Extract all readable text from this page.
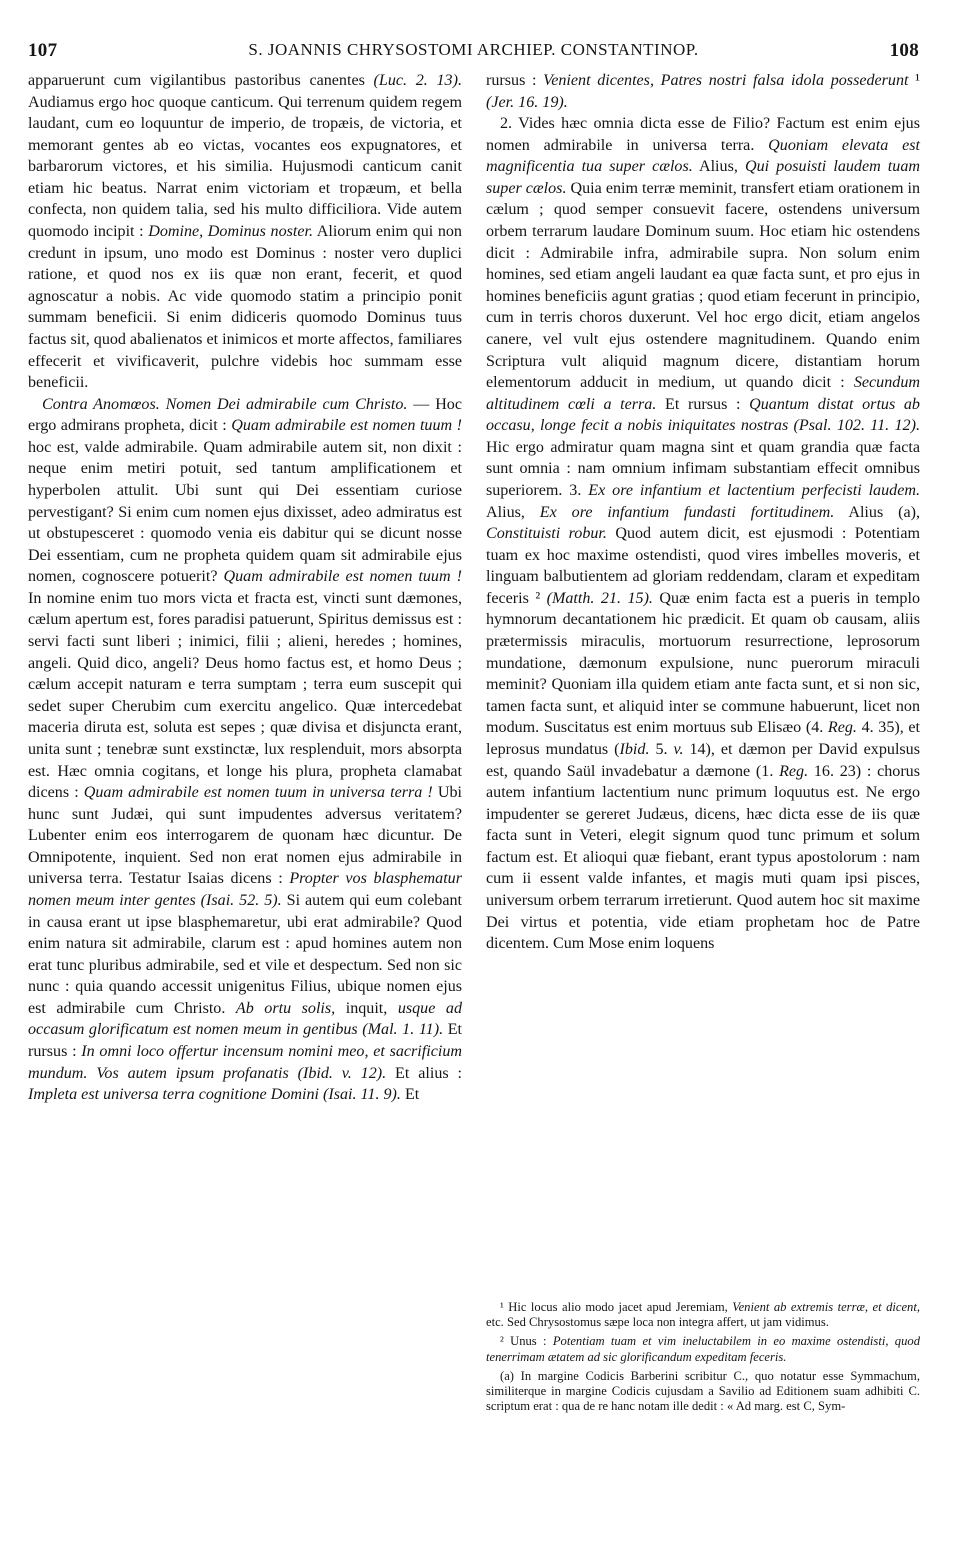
107	S. JOANNIS CHRYSOSTOMI ARCHIEP. CONSTANTINOP.	108

apparuerunt cum vigilantibus pastoribus canentes (Luc. 2. 13). Audiamus ergo hoc quoque canticum. Qui terrenum quidem regem laudant, cum eo loquuntur de imperio, de tropæis, de victoria, et memorant gentes ab eo victas, vocantes eos expugnatores, et barbarorum victores, et his similia. Hujusmodi canticum canit etiam hic beatus. Narrat enim victoriam et tropæum, et bella confecta, non quidem talia, sed his multo difficiliora. Vide autem quomodo incipit : Domine, Dominus noster. Aliorum enim qui non credunt in ipsum, uno modo est Dominus : noster vero duplici ratione, et quod nos ex iis quæ non erant, fecerit, et quod agnoscatur a nobis. Ac vide quomodo statim a principio ponit summam beneficii. Si enim didiceris quomodo Dominus tuus factus sit, quod abalienatos et inimicos et morte affectos, familiares effecerit et vivificaverit, pulchre videbis hoc summam esse beneficii.

Contra Anomœos. Nomen Dei admirabile cum Christo. — Hoc ergo admirans propheta, dicit : Quam admirabile est nomen tuum ! hoc est, valde admirabile. Quam admirabile autem sit, non dixit : neque enim metiri potuit, sed tantum amplificationem et hyperbolen attulit. Ubi sunt qui Dei essentiam curiose pervestigant? Si enim cum nomen ejus dixisset, adeo admiratus est ut obstupesceret : quomodo venia eis dabitur qui se dicunt nosse Dei essentiam, cum ne propheta quidem quam sit admirabile ejus nomen, cognoscere potuerit? Quam admirabile est nomen tuum ! In nomine enim tuo mors victa et fracta est, vincti sunt dæmones, cælum apertum est, fores paradisi patuerunt, Spiritus demissus est : servi facti sunt liberi ; inimici, filii ; alieni, heredes ; homines, angeli. Quid dico, angeli? Deus homo factus est, et homo Deus ; cælum accepit naturam e terra sumptam ; terra eum suscepit qui sedet super Cherubim cum exercitu angelico. Quæ intercedebat maceria diruta est, soluta est sepes ; quæ divisa et disjuncta erant, unita sunt ; tenebræ sunt exstinctæ, lux resplenduit, mors absorpta est. Hæc omnia cogitans, et longe his plura, propheta clamabat dicens : Quam admirabile est nomen tuum in universa terra ! Ubi hunc sunt Judæi, qui sunt impudentes adversus veritatem? Lubenter enim eos interrogarem de quonam hæc dicuntur. De Omnipotente, inquient. Sed non erat nomen ejus admirabile in universa terra. Testatur Isaias dicens : Propter vos blasphematur nomen meum inter gentes (Isai. 52. 5). Si autem qui eum colebant in causa erant ut ipse blasphemaretur, ubi erat admirabile? Quod enim natura sit admirabile, clarum est : apud homines autem non erat tunc pluribus admirabile, sed et vile et despectum. Sed non sic nunc : quia quando accessit unigenitus Filius, ubique nomen ejus est admirabile cum Christo. Ab ortu solis, inquit, usque ad occasum glorificatum est nomen meum in gentibus (Mal. 1. 11). Et rursus : In omni loco offertur incensum nomini meo, et sacrificium mundum. Vos autem ipsum profanatis (Ibid. v. 12). Et alius : Impleta est universa terra cognitione Domini (Isai. 11. 9). Et

rursus : Venient dicentes, Patres nostri falsa idola possederunt ¹ (Jer. 16. 19).

2. Vides hæc omnia dicta esse de Filio? Factum est enim ejus nomen admirabile in universa terra. Quoniam elevata est magnificentia tua super cælos. Alius, Qui posuisti laudem tuam super cælos. Quia enim terræ meminit, transfert etiam orationem in cælum ; quod semper consuevit facere, ostendens universum orbem terrarum laudare Dominum suum. Hoc etiam hic ostendens dicit : Admirabile infra, admirabile supra. Non solum enim homines, sed etiam angeli laudant ea quæ facta sunt, et pro ejus in homines beneficiis agunt gratias ; quod etiam fecerunt in principio, cum in terris choros duxerunt. Vel hoc ergo dicit, etiam angelos canere, vel vult ejus ostendere magnitudinem. Quando enim Scriptura vult aliquid magnum dicere, distantiam horum elementorum adducit in medium, ut quando dicit : Secundum altitudinem cœli a terra. Et rursus : Quantum distat ortus ab occasu, longe fecit a nobis iniquitates nostras (Psal. 102. 11. 12). Hic ergo admiratur quam magna sint et quam grandia quæ facta sunt omnia : nam omnium infimam substantiam effecit omnibus superiorem. 3. Ex ore infantium et lactentium perfecisti laudem. Alius, Ex ore infantium fundasti fortitudinem. Alius (a), Constituisti robur. Quod autem dicit, est ejusmodi : Potentiam tuam ex hoc maxime ostendisti, quod vires imbelles moveris, et linguam balbutientem ad gloriam reddendam, claram et expeditam feceris ² (Matth. 21. 15). Quæ enim facta est a pueris in templo hymnorum decantationem hic prædicit. Et quam ob causam, aliis prætermissis miraculis, mortuorum resurrectione, leprosorum mundatione, dæmonum expulsione, nunc puerorum miraculi meminit? Quoniam illa quidem etiam ante facta sunt, et si non sic, tamen facta sunt, et aliquid inter se commune habuerunt, licet non modum. Suscitatus est enim mortuus sub Elisæo (4. Reg. 4. 35), et leprosus mundatus (Ibid. 5. v. 14), et dæmon per David expulsus est, quando Saül invadebatur a dæmone (1. Reg. 16. 23) : chorus autem infantium lactentium nunc primum loquutus est. Ne ergo impudenter se gereret Judæus, dicens, hæc dicta esse de iis quæ facta sunt in Veteri, elegit signum quod tunc primum et solum factum est. Et alioqui quæ fiebant, erant typus apostolorum : nam cum ii essent valde infantes, et magis muti quam ipsi pisces, universum orbem terrarum irretierunt. Quod autem hoc sit maxime Dei virtus et potentia, vide etiam prophetam hoc de Patre dicentem. Cum Mose enim loquens

¹ Hic locus alio modo jacet apud Jeremiam, Venient ab extremis terræ, et dicent, etc. Sed Chrysostomus sæpe loca non integra affert, ut jam vidimus.

² Unus : Potentiam tuam et vim ineluctabilem in eo maxime ostendisti, quod tenerrimam ætatem ad sic glorificandum expeditam feceris.

(a) In margine Codicis Barberini scribitur C., quo notatur esse Symmachum, similiterque in margine Codicis cujusdam a Savilio ad Editionem suam adhibiti C. scriptum erat : qua de re hanc notam ille dedit : « Ad marg. est C, Sym-
